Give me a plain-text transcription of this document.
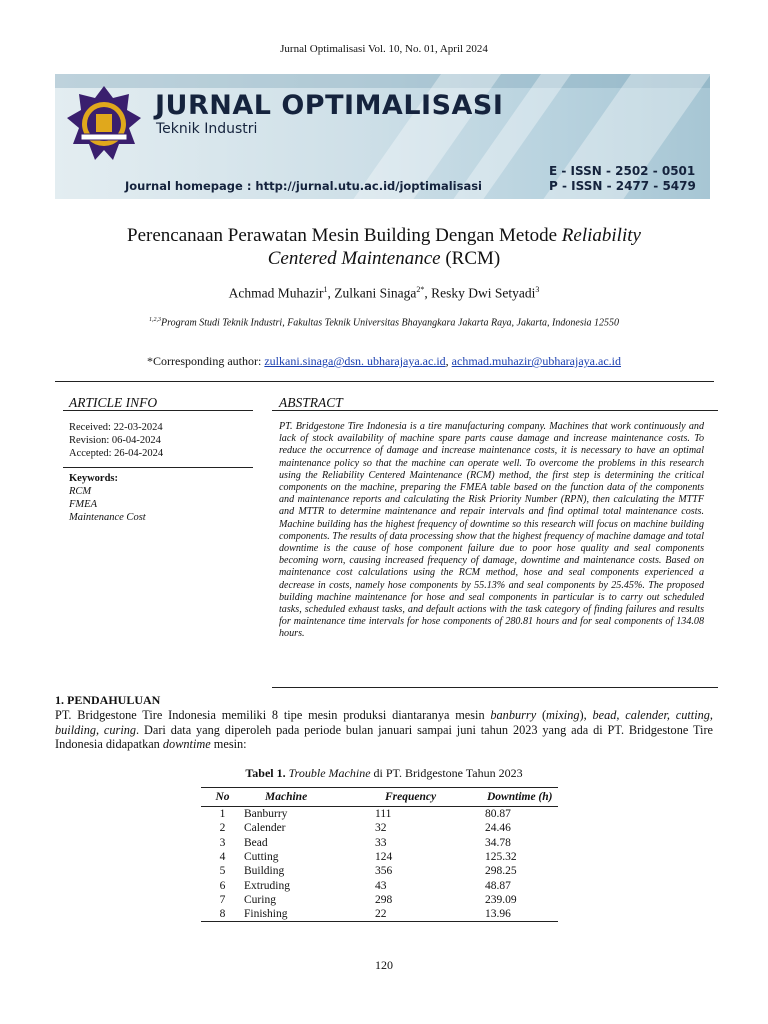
Jurnal Optimalisasi Vol. 10, No. 01, April 2024
JURNAL OPTIMALISASI
Teknik Industri
Journal homepage : http://jurnal.utu.ac.id/joptimalisasi
E - ISSN - 2502 - 0501
P - ISSN - 2477 - 5479
Perencanaan Perawatan Mesin Building Dengan Metode Reliability
Centered Maintenance (RCM)
Achmad Muhazir$^1$, Zulkani Sinaga$^{2*}$, Resky Dwi Setyadi$^3$
$^{1,2,3}$Program Studi Teknik Industri, Fakultas Teknik Universitas Bhayangkara Jakarta Raya, Jakarta, Indonesia 12550
*Corresponding author: zulkani.sinaga@dsn. ubharajaya.ac.id, achmad.muhazir@ubharajaya.ac.id
ARTICLE INFO
Received: 22-03-2024
Revision: 06-04-2024
Accepted: 26-04-2024
Keywords:
RCM
FMEA
Maintenance Cost
ABSTRACT
PT. Bridgestone Tire Indonesia is a tire manufacturing company. Machines that work continuously and lack of stock availability of machine spare parts cause damage and increase maintenance costs. To reduce the occurrence of damage and increase maintenance costs, it is necessary to have an optimal maintenance policy so that the machine can operate well. To overcome the problems in this research using the Reliability Centered Maintenance (RCM) method, the first step is determining the critical components on the machine, preparing the FMEA table based on the function data of the components and maintenance reports and calculating the Risk Priority Number (RPN), then calculating the MTTF and MTTR to determine maintenance and repair intervals and find optimal total maintenance costs. Machine building has the highest frequency of downtime so this research will focus on machine building components. The results of data processing show that the highest frequency of machine damage and total downtime is the cause of hose component failure due to poor hose quality and seal components becoming worn, causing increased frequency of damage, downtime and maintenance costs. Based on maintenance cost calculations using the RCM method, hose and seal components experienced a decrease in costs, namely hose components by 55.13% and seal components by 25.45%. The proposed building machine maintenance for hose and seal components in particular is to carry out scheduled tasks, scheduled exhaust tasks, and default actions with the task category of finding failures and results for maintenance time intervals for hose components of 280.81 hours and for seal components of 134.08 hours.
1. PENDAHULUAN
PT. Bridgestone Tire Indonesia memiliki 8 tipe mesin produksi diantaranya mesin banburry (mixing), bead, calender, cutting, building, curing. Dari data yang diperoleh pada periode bulan januari sampai juni tahun 2023 yang ada di PT. Bridgestone Tire Indonesia didapatkan downtime mesin:
Tabel 1. Trouble Machine di PT. Bridgestone Tahun 2023
No	Machine	Frequency	Downtime (h)
1	Banburry	111	80.87
2	Calender	32	24.46
3	Bead	33	34.78
4	Cutting	124	125.32
5	Building	356	298.25
6	Extruding	43	48.87
7	Curing	298	239.09
8	Finishing	22	13.96
120
